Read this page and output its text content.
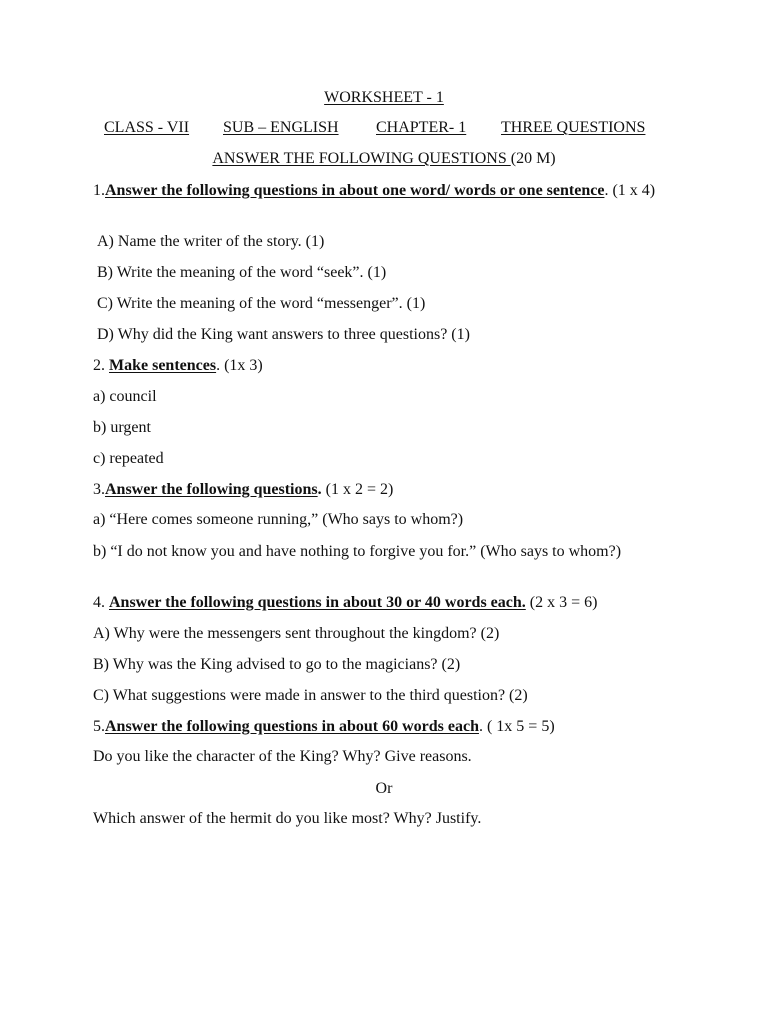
WORKSHEET - 1
CLASS - VII SUB – ENGLISH CHAPTER- 1 THREE QUESTIONS
ANSWER THE FOLLOWING QUESTIONS (20 M)
1.Answer the following questions in about one word/ words or one sentence. (1 x 4)
A) Name the writer of the story. (1)
B) Write the meaning of the word “seek”. (1)
C) Write the meaning of the word “messenger”. (1)
D) Why did the King want answers to three questions? (1)
2. Make sentences. (1x 3)
a) council
b) urgent
c) repeated
3.Answer the following questions. (1 x 2 = 2)
a) “Here comes someone running,” (Who says to whom?)
b) “I do not know you and have nothing to forgive you for.” (Who says to whom?)
4. Answer the following questions in about 30 or 40 words each. (2 x 3 = 6)
A) Why were the messengers sent throughout the kingdom? (2)
B) Why was the King advised to go to the magicians? (2)
C) What suggestions were made in answer to the third question? (2)
5.Answer the following questions in about 60 words each. ( 1x 5 = 5)
Do you like the character of the King? Why? Give reasons.
Or
Which answer of the hermit do you like most? Why? Justify.
